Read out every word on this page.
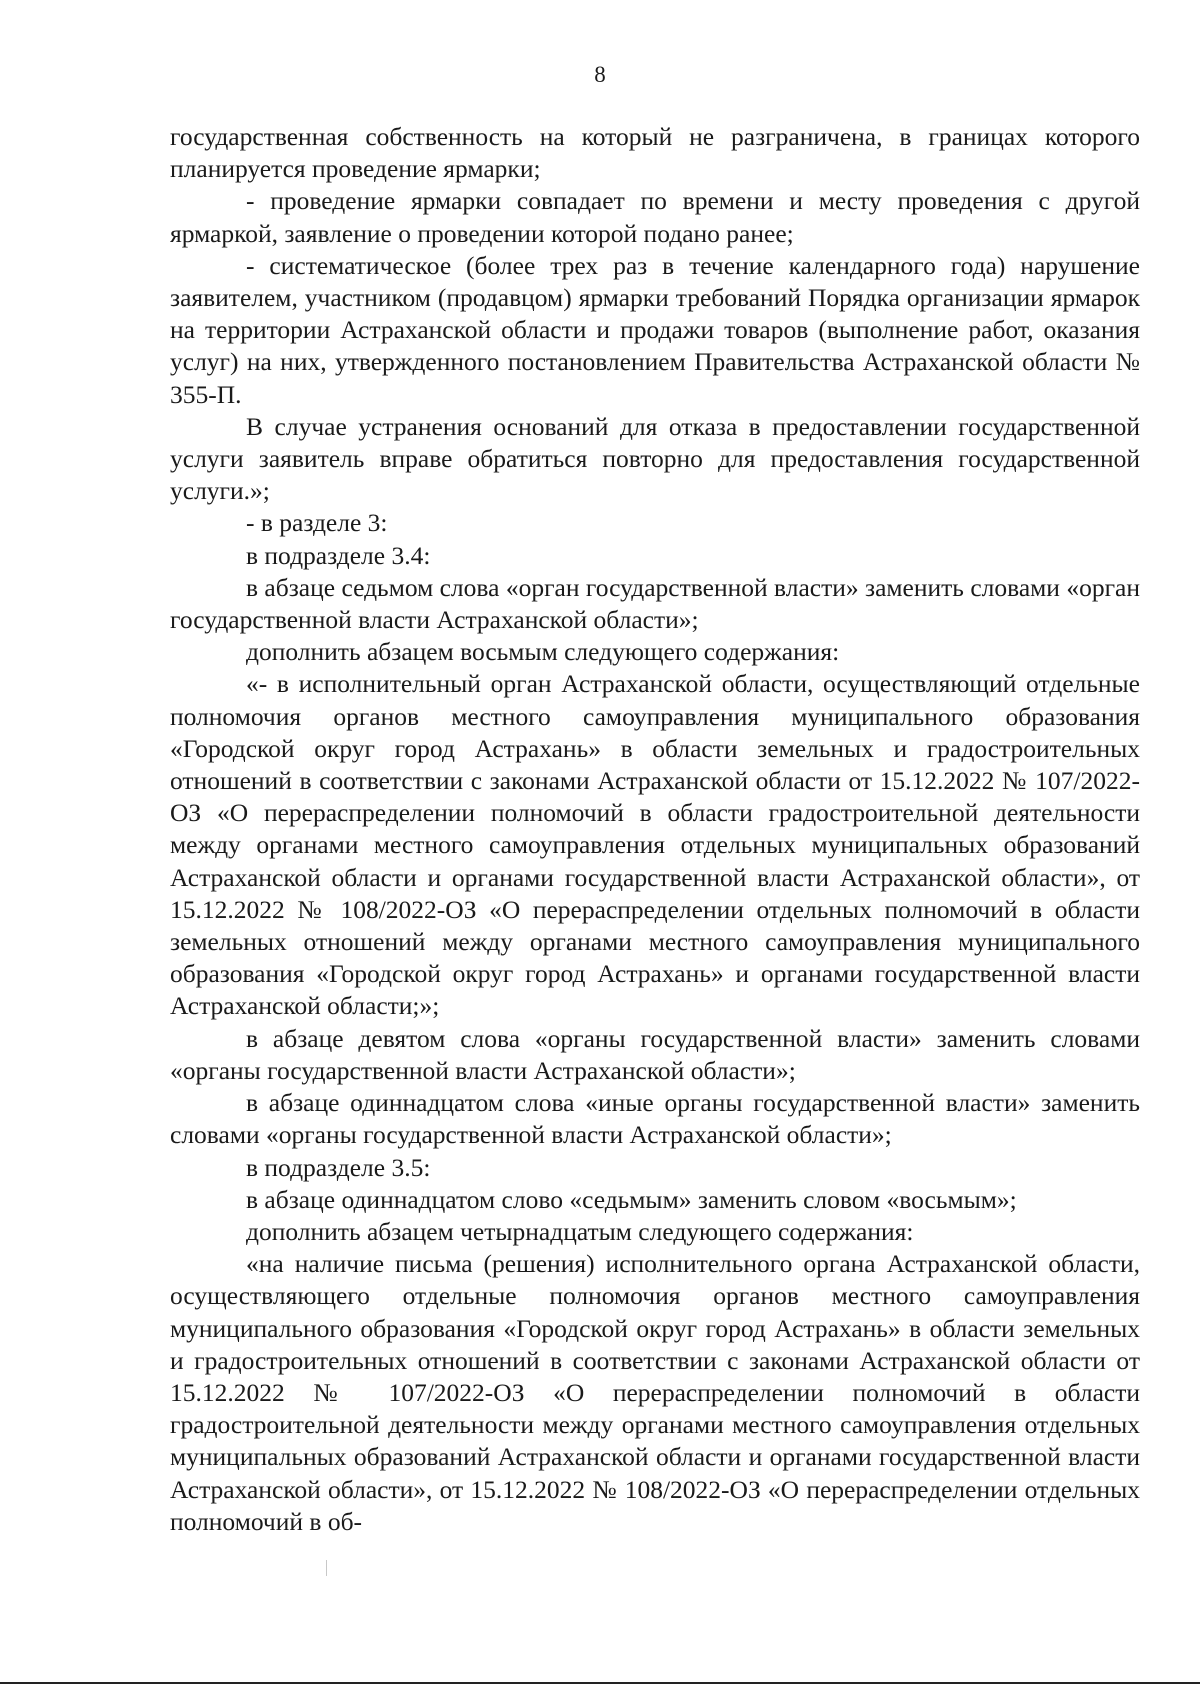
8

государственная собственность на который не разграничена, в границах которого планируется проведение ярмарки;

- проведение ярмарки совпадает по времени и месту проведения с другой ярмаркой, заявление о проведении которой подано ранее;

- систематическое (более трех раз в течение календарного года) нарушение заявителем, участником (продавцом) ярмарки требований Порядка организации ярмарок на территории Астраханской области и продажи товаров (выполнение работ, оказания услуг) на них, утвержденного постановлением Правительства Астраханской области № 355-П.

В случае устранения оснований для отказа в предоставлении государственной услуги заявитель вправе обратиться повторно для предоставления государственной услуги.»;

- в разделе 3:

в подразделе 3.4:

в абзаце седьмом слова «орган государственной власти» заменить словами «орган государственной власти Астраханской области»;

дополнить абзацем восьмым следующего содержания:

«- в исполнительный орган Астраханской области, осуществляющий отдельные полномочия органов местного самоуправления муниципального образования «Городской округ город Астрахань» в области земельных и градостроительных отношений в соответствии с законами Астраханской области от 15.12.2022 № 107/2022-ОЗ «О перераспределении полномочий в области градостроительной деятельности между органами местного самоуправления отдельных муниципальных образований Астраханской области и органами государственной власти Астраханской области», от 15.12.2022 № 108/2022-ОЗ «О перераспределении отдельных полномочий в области земельных отношений между органами местного самоуправления муниципального образования «Городской округ город Астрахань» и органами государственной власти Астраханской области;»;

в абзаце девятом слова «органы государственной власти» заменить словами «органы государственной власти Астраханской области»;

в абзаце одиннадцатом слова «иные органы государственной власти» заменить словами «органы государственной власти Астраханской области»;

в подразделе 3.5:

в абзаце одиннадцатом слово «седьмым» заменить словом «восьмым»;

дополнить абзацем четырнадцатым следующего содержания:

«на наличие письма (решения) исполнительного органа Астраханской области, осуществляющего отдельные полномочия органов местного самоуправления муниципального образования «Городской округ город Астрахань» в области земельных и градостроительных отношений в соответствии с законами Астраханской области от 15.12.2022 № 107/2022-ОЗ «О перераспределении полномочий в области градостроительной деятельности между органами местного самоуправления отдельных муниципальных образований Астраханской области и органами государственной власти Астраханской области», от 15.12.2022 № 108/2022-ОЗ «О перераспределении отдельных полномочий в об-
